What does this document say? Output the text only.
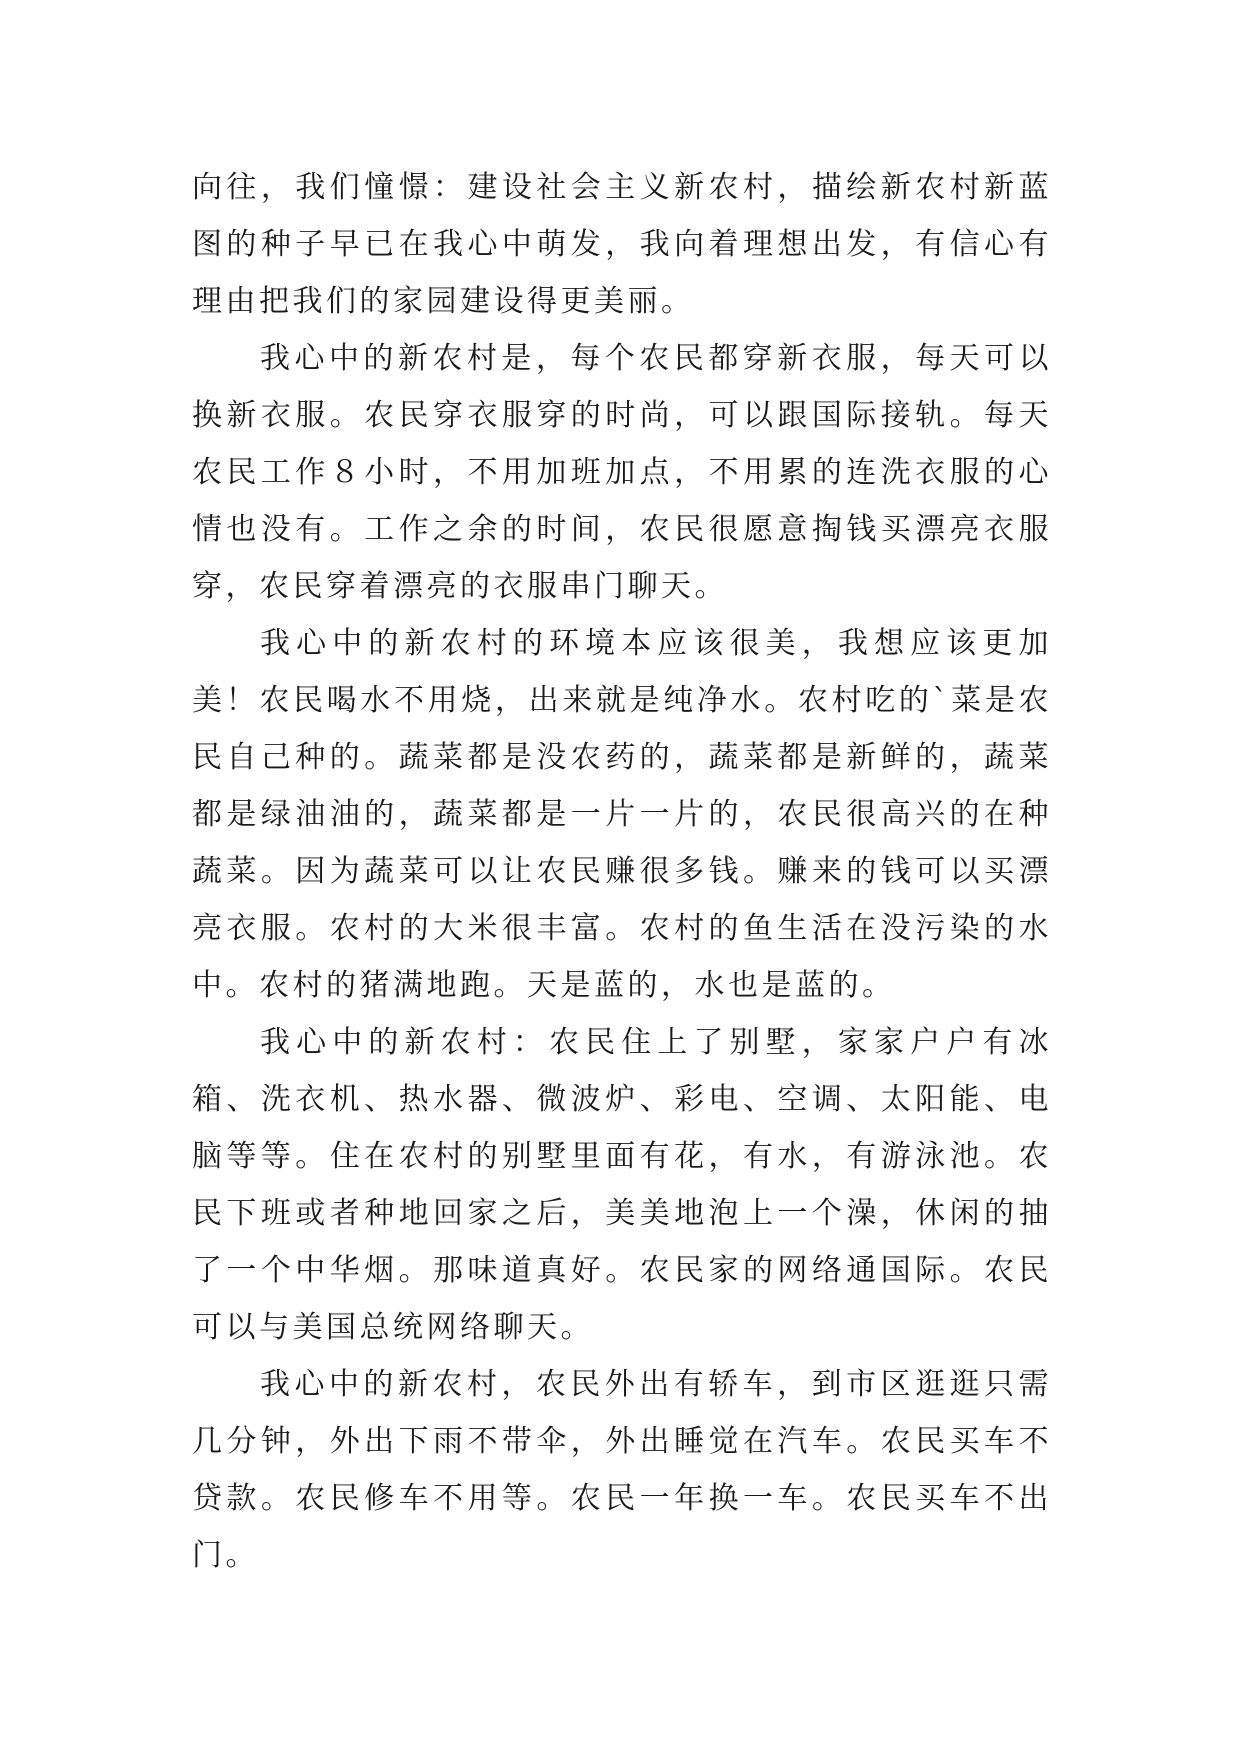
向往，我们憧憬：建设社会主义新农村，描绘新农村新蓝图的种子早已在我心中萌发，我向着理想出发，有信心有理由把我们的家园建设得更美丽。

我心中的新农村是，每个农民都穿新衣服，每天可以换新衣服。农民穿衣服穿的时尚，可以跟国际接轨。每天农民工作８小时，不用加班加点，不用累的连洗衣服的心情也没有。工作之余的时间，农民很愿意掏钱买漂亮衣服穿，农民穿着漂亮的衣服串门聊天。

我心中的新农村的环境本应该很美，我想应该更加美！农民喝水不用烧，出来就是纯净水。农村吃的`菜是农民自己种的。蔬菜都是没农药的，蔬菜都是新鲜的，蔬菜都是绿油油的，蔬菜都是一片一片的，农民很高兴的在种蔬菜。因为蔬菜可以让农民赚很多钱。赚来的钱可以买漂亮衣服。农村的大米很丰富。农村的鱼生活在没污染的水中。农村的猪满地跑。天是蓝的，水也是蓝的。

我心中的新农村：农民住上了别墅，家家户户有冰箱、洗衣机、热水器、微波炉、彩电、空调、太阳能、电脑等等。住在农村的别墅里面有花，有水，有游泳池。农民下班或者种地回家之后，美美地泡上一个澡，休闲的抽了一个中华烟。那味道真好。农民家的网络通国际。农民可以与美国总统网络聊天。

我心中的新农村，农民外出有轿车，到市区逛逛只需几分钟，外出下雨不带伞，外出睡觉在汽车。农民买车不贷款。农民修车不用等。农民一年换一车。农民买车不出门。
